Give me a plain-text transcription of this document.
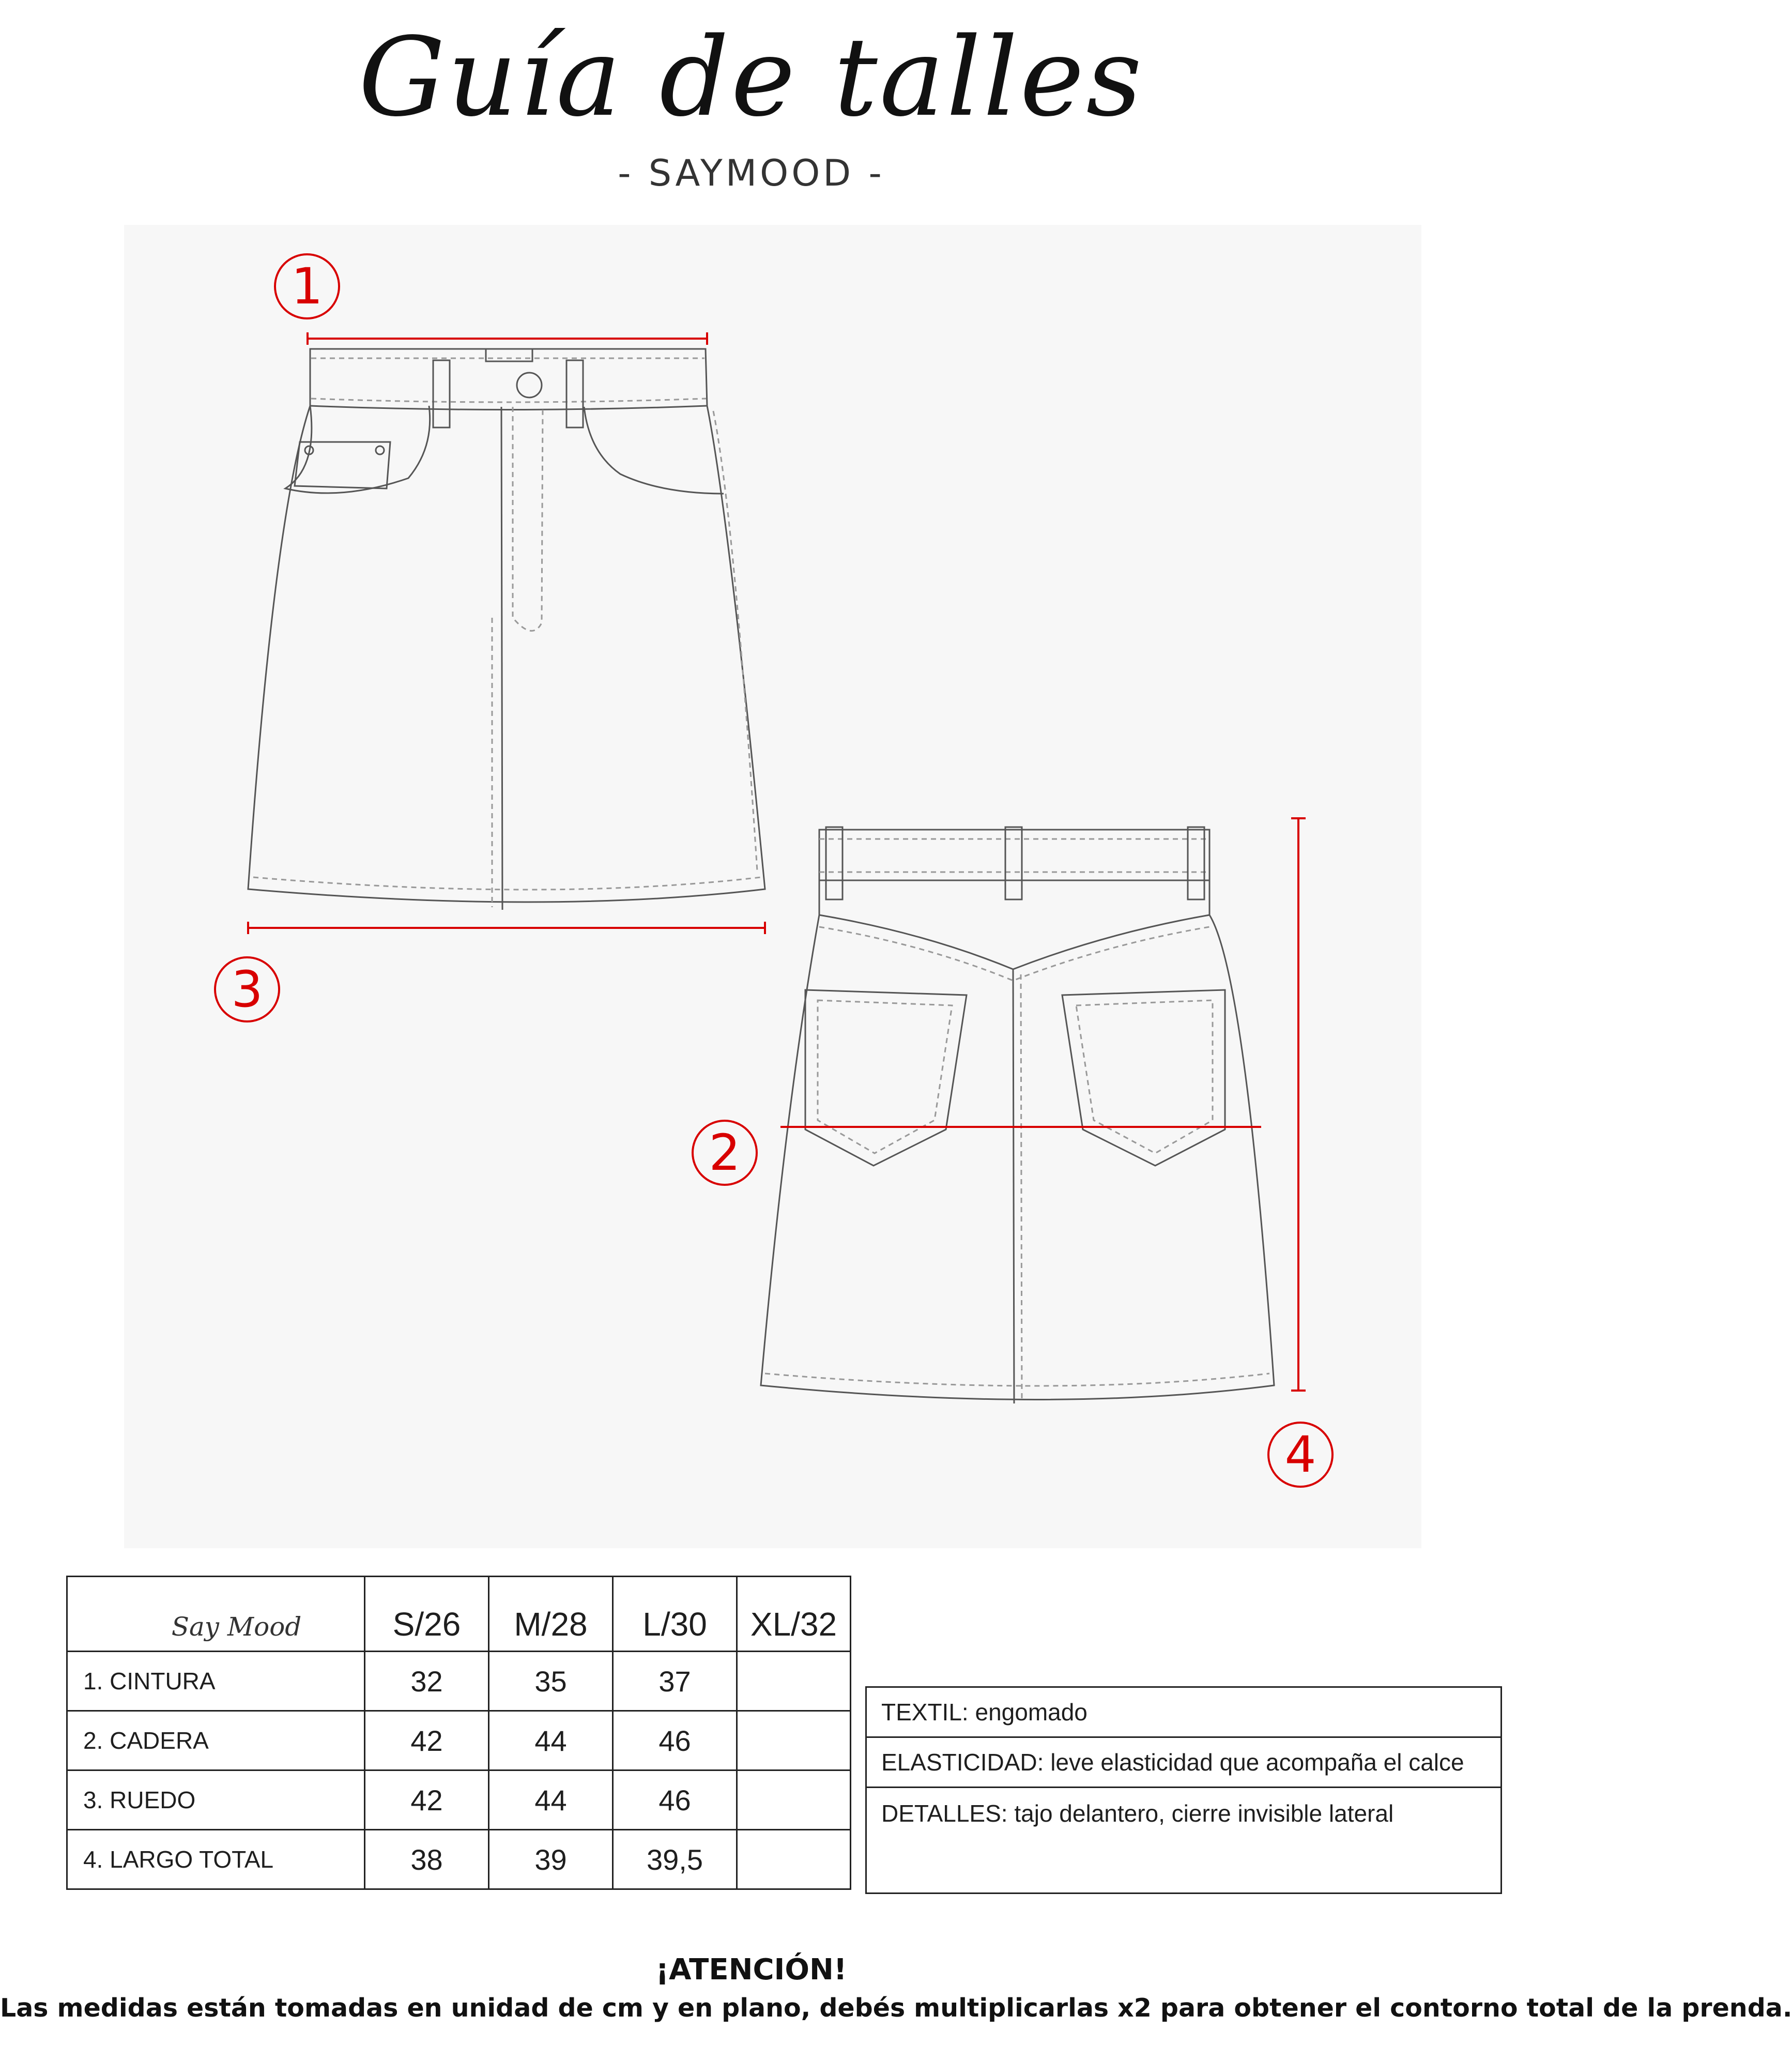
Guía de talles
- SAYMOOD -
1
3
2
4
Say Mood	S/26	M/28	L/30	XL/32
1. CINTURA	32	35	37	
2. CADERA	42	44	46	
3. RUEDO	42	44	46	
4. LARGO TOTAL	38	39	39,5	
TEXTIL: engomado
ELASTICIDAD: leve elasticidad que acompaña el calce
DETALLES: tajo delantero, cierre invisible lateral
¡ATENCIÓN!
Las medidas están tomadas en unidad de cm y en plano, debés multiplicarlas x2 para obtener el contorno total de la prenda.
